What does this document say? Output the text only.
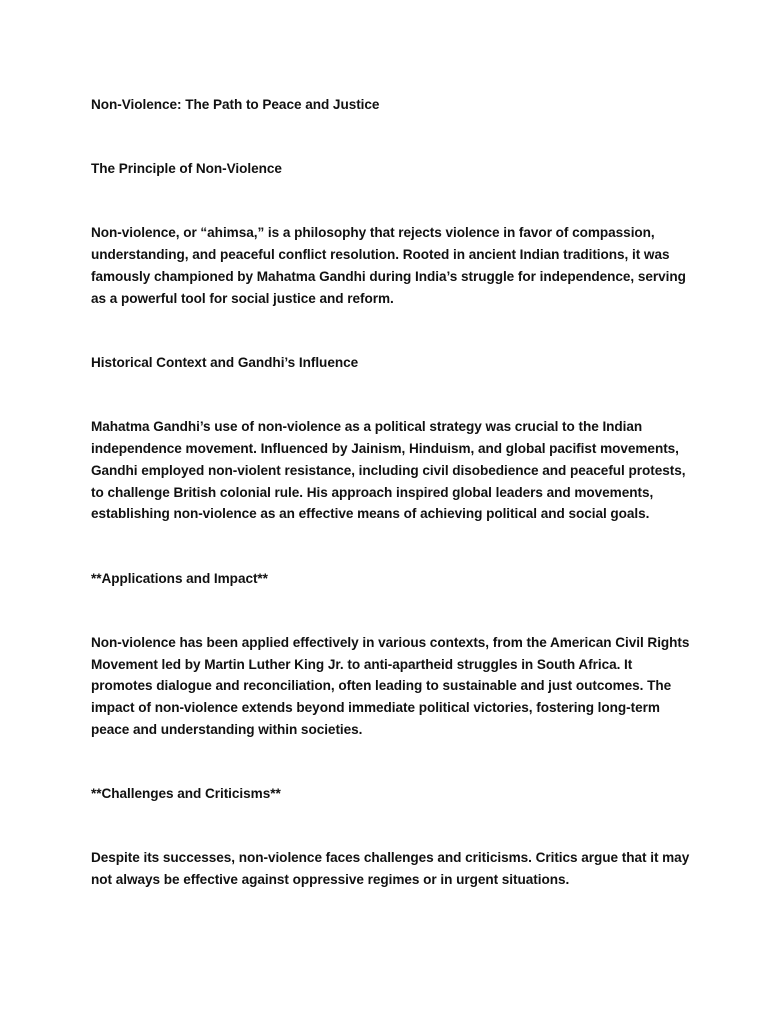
Non-Violence: The Path to Peace and Justice

The Principle of Non-Violence

Non-violence, or “ahimsa,” is a philosophy that rejects violence in favor of compassion, understanding, and peaceful conflict resolution. Rooted in ancient Indian traditions, it was famously championed by Mahatma Gandhi during India’s struggle for independence, serving as a powerful tool for social justice and reform.

Historical Context and Gandhi’s Influence

Mahatma Gandhi’s use of non-violence as a political strategy was crucial to the Indian independence movement. Influenced by Jainism, Hinduism, and global pacifist movements, Gandhi employed non-violent resistance, including civil disobedience and peaceful protests, to challenge British colonial rule. His approach inspired global leaders and movements, establishing non-violence as an effective means of achieving political and social goals.

**Applications and Impact**

Non-violence has been applied effectively in various contexts, from the American Civil Rights Movement led by Martin Luther King Jr. to anti-apartheid struggles in South Africa. It promotes dialogue and reconciliation, often leading to sustainable and just outcomes. The impact of non-violence extends beyond immediate political victories, fostering long-term peace and understanding within societies.

**Challenges and Criticisms**

Despite its successes, non-violence faces challenges and criticisms. Critics argue that it may not always be effective against oppressive regimes or in urgent situations.
